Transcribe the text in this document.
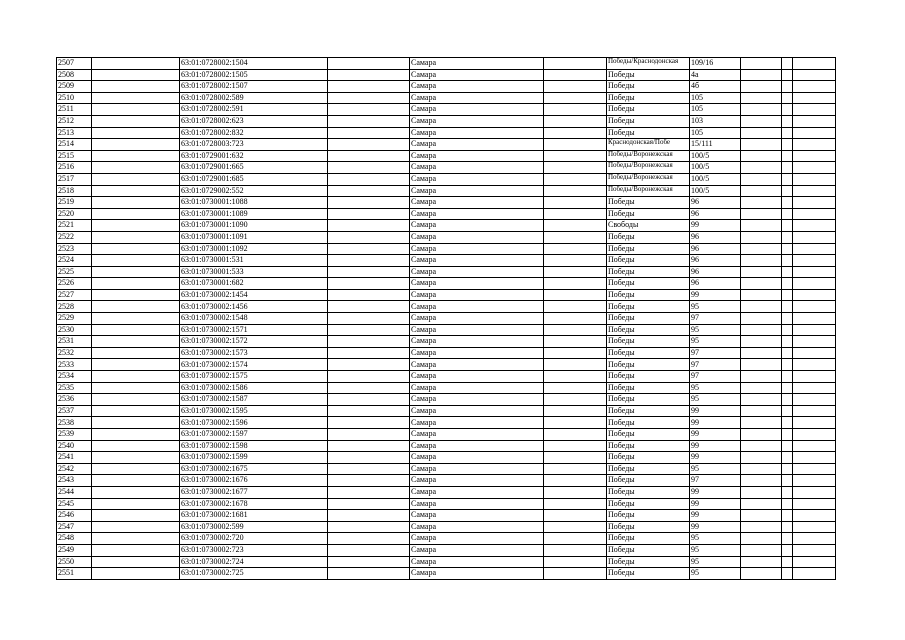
2507		63:01:0728002:1504		Самара		Победы/Краснодонская	109/16			
2508		63:01:0728002:1505		Самара		Победы	4а			
2509		63:01:0728002:1507		Самара		Победы	4б			
2510		63:01:0728002:589		Самара		Победы	105			
2511		63:01:0728002:591		Самара		Победы	105			
2512		63:01:0728002:623		Самара		Победы	103			
2513		63:01:0728002:832		Самара		Победы	105			
2514		63:01:0728003:723		Самара		Краснодонская/Побе	15/111			
2515		63:01:0729001:632		Самара		Победы/Воронежская	100/5			
2516		63:01:0729001:665		Самара		Победы/Воронежская	100/5			
2517		63:01:0729001:685		Самара		Победы/Воронежская	100/5			
2518		63:01:0729002:552		Самара		Победы/Воронежская	100/5			
2519		63:01:0730001:1088		Самара		Победы	96			
2520		63:01:0730001:1089		Самара		Победы	96			
2521		63:01:0730001:1090		Самара		Свободы	99			
2522		63:01:0730001:1091		Самара		Победы	96			
2523		63:01:0730001:1092		Самара		Победы	96			
2524		63:01:0730001:531		Самара		Победы	96			
2525		63:01:0730001:533		Самара		Победы	96			
2526		63:01:0730001:682		Самара		Победы	96			
2527		63:01:0730002:1454		Самара		Победы	99			
2528		63:01:0730002:1456		Самара		Победы	95			
2529		63:01:0730002:1548		Самара		Победы	97			
2530		63:01:0730002:1571		Самара		Победы	95			
2531		63:01:0730002:1572		Самара		Победы	95			
2532		63:01:0730002:1573		Самара		Победы	97			
2533		63:01:0730002:1574		Самара		Победы	97			
2534		63:01:0730002:1575		Самара		Победы	97			
2535		63:01:0730002:1586		Самара		Победы	95			
2536		63:01:0730002:1587		Самара		Победы	95			
2537		63:01:0730002:1595		Самара		Победы	99			
2538		63:01:0730002:1596		Самара		Победы	99			
2539		63:01:0730002:1597		Самара		Победы	99			
2540		63:01:0730002:1598		Самара		Победы	99			
2541		63:01:0730002:1599		Самара		Победы	99			
2542		63:01:0730002:1675		Самара		Победы	95			
2543		63:01:0730002:1676		Самара		Победы	97			
2544		63:01:0730002:1677		Самара		Победы	99			
2545		63:01:0730002:1678		Самара		Победы	99			
2546		63:01:0730002:1681		Самара		Победы	99			
2547		63:01:0730002:599		Самара		Победы	99			
2548		63:01:0730002:720		Самара		Победы	95			
2549		63:01:0730002:723		Самара		Победы	95			
2550		63:01:0730002:724		Самара		Победы	95			
2551		63:01:0730002:725		Самара		Победы	95			
